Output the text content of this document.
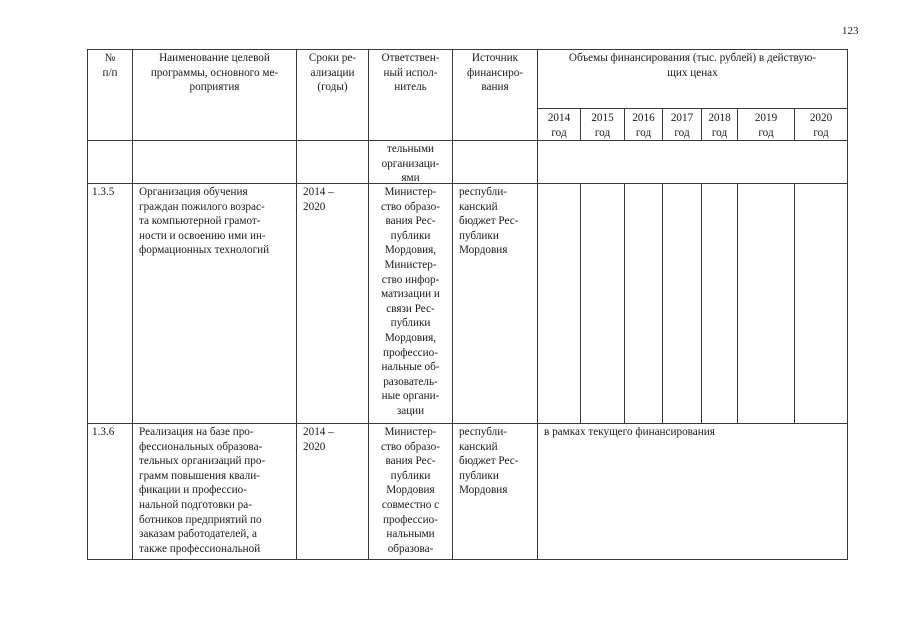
123
№
п/п
Наименование целевой
программы, основного ме-
роприятия
Сроки ре-
ализации
(годы)
Ответствен-
ный испол-
нитель
Источник
финансиро-
вания
Объемы финансирования (тыс. рублей) в действую-
щих ценах
2014
год
2015
год
2016
год
2017
год
2018
год
2019
год
2020
год
тельными
организаци-
ями
1.3.5	Организация обучения
граждан пожилого возрас-
та компьютерной грамот-
ности и освоению ими ин-
формационных технологий
2014 –
2020
Министер-
ство образо-
вания Рес-
публики
Мордовия,
Министер-
ство инфор-
матизации и
связи Рес-
публики
Мордовия,
профессио-
нальные об-
разователь-
ные органи-
зации
республи-
канский
бюджет Рес-
публики
Мордовия
1.3.6	Реализация на базе про-
фессиональных образова-
тельных организаций про-
грамм повышения квали-
фикации и профессио-
нальной подготовки ра-
ботников предприятий по
заказам работодателей, а
также профессиональной
2014 –
2020
Министер-
ство образо-
вания Рес-
публики
Мордовия
совместно с
профессио-
нальными
образова-
республи-
канский
бюджет Рес-
публики
Мордовия
в рамках текущего финансирования
